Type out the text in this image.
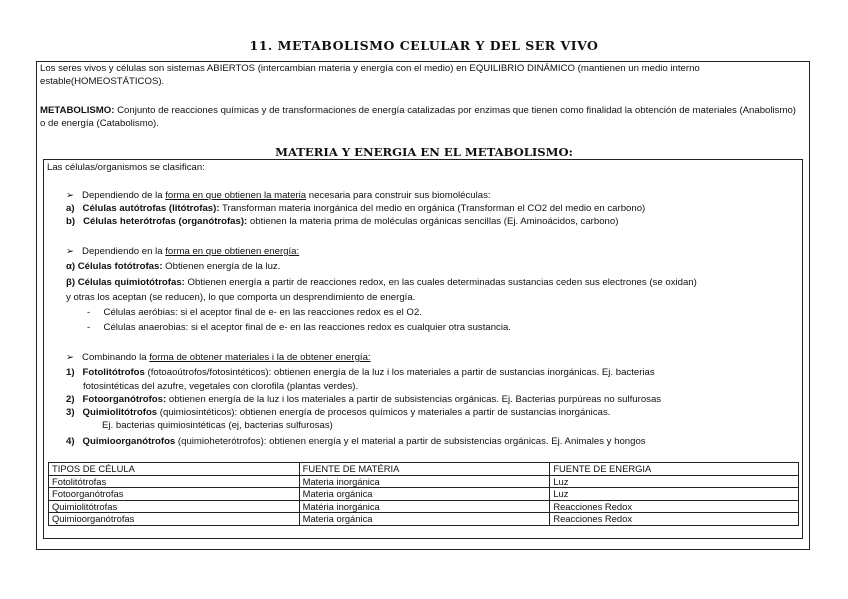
11. METABOLISMO CELULAR Y DEL SER VIVO
Los seres vivos y células son sistemas ABIERTOS (intercambian materia y energía con el medio) en EQUILIBRIO DINÁMICO (mantienen un medio interno estable(HOMEOSTÁTICOS).
METABOLISMO: Conjunto de reacciones químicas y de transformaciones de energía catalizadas por enzimas que tienen como finalidad la obtención de materiales (Anabolismo) o de energía (Catabolismo).
MATERIA Y ENERGIA EN EL METABOLISMO:
Las células/organismos se clasifican:
➢ Dependiendo de la forma en que obtienen la materia necesaria para construir sus biomoléculas:
a) Células autótrofas (litótrofas): Transforman materia inorgánica del medio en orgánica (Transforman el CO2 del medio en carbono)
b) Células heterótrofas (organótrofas): obtienen la materia prima de moléculas orgánicas sencillas (Ej. Aminoácidos, carbono)
➢ Dependiendo en la forma en que obtienen energía:
α) Células fotótrofas: Obtienen energía de la luz.
β) Células quimiotótrofas: Obtienen energía a partir de reacciones redox, en las cuales determinadas sustancias ceden sus electrones (se oxidan)
y otras los aceptan (se reducen), lo que comporta un desprendimiento de energía.
- Células aeróbias: si el aceptor final de e- en las reacciones redox es el O2.
- Células anaerobias: si el aceptor final de e- en las reacciones redox es cualquier otra sustancia.
➢ Combinando la forma de obtener materiales i la de obtener energía:
1) Fotolitótrofos (fotoaoútrofos/fotosintéticos): obtienen energía de la luz i los materiales a partir de sustancias inorgánicas. Ej. bacterias
fotosintéticas del azufre, vegetales con clorofila (plantas verdes).
2) Fotoorganótrofos: obtienen energía de la luz i los materiales a partir de subsistencias orgánicas. Ej. Bacterias purpúreas no sulfurosas
3) Quimiolitótrofos (quimiosintéticos): obtienen energía de procesos químicos y materiales a partir de sustancias inorgánicas.
Ej. bacterias quimiosintéticas (ej, bacterias sulfurosas)
4) Quimioorganótrofos (quimioheterótrofos): obtienen energía y el material a partir de subsistencias orgánicas. Ej. Animales y hongos
TIPOS DE CÉLULA	FUENTE DE MATÉRIA	FUENTE DE ENERGIA
Fotolitótrofas	Materia inorgánica	Luz
Fotoorganótrofas	Materia orgánica	Luz
Quimiolitótrofas	Matéria inorgánica	Reacciones Redox
Quimioorganótrofas	Materia orgánica	Reacciones Redox
